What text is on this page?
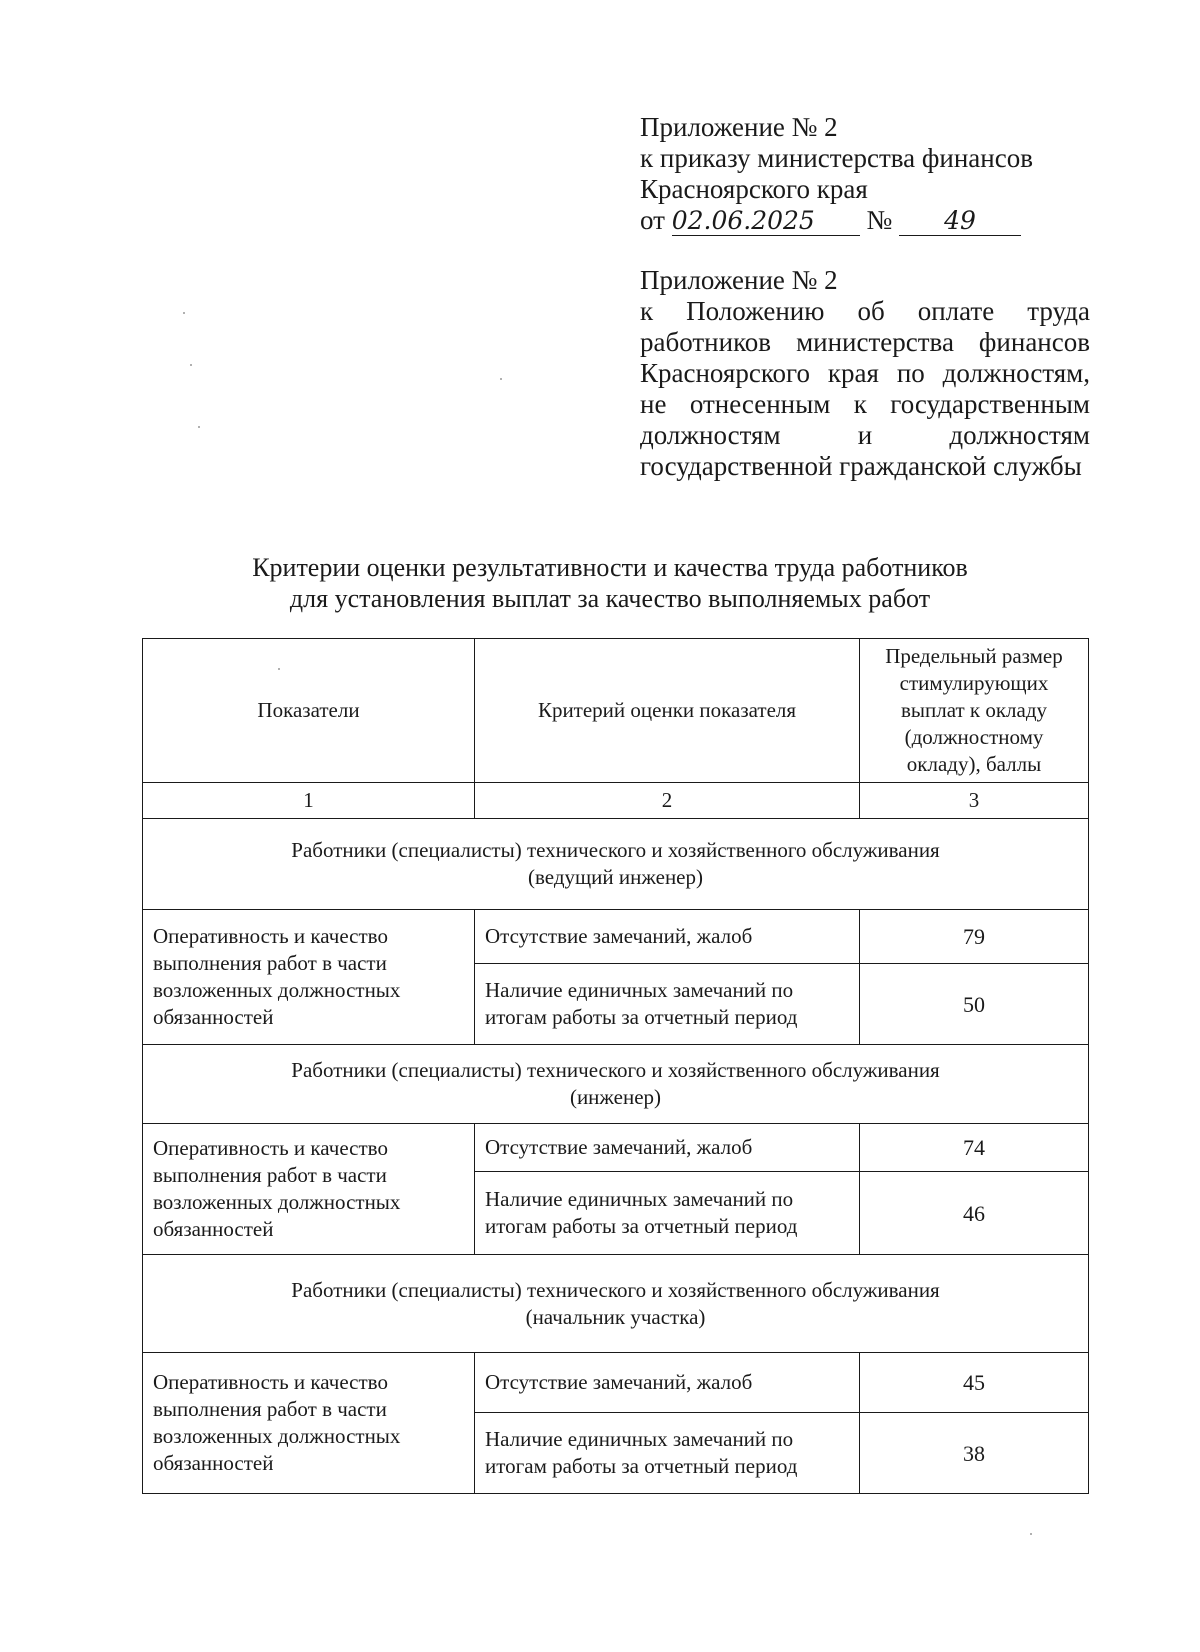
Приложение № 2
к приказу министерства финансов
Красноярского края
от 02.06.2025 № 49
Приложение № 2
к Положению об оплате труда
работников министерства финансов
Красноярского края по должностям,
не отнесенным к государственным
должностям и должностям
государственной гражданской службы
Критерии оценки результативности и качества труда работников
для установления выплат за качество выполняемых работ
Показатели	Критерий оценки показателя	Предельный размер стимулирующих выплат к окладу (должностному окладу), баллы
1	2	3

Работники (специалисты) технического и хозяйственного обслуживания
(ведущий инженер)		

Оперативность и качество выполнения работ в части возложенных должностных обязанностей	Отсутствие замечаний, жалоб	79
	Наличие единичных замечаний по итогам работы за отчетный период	50

Работники (специалисты) технического и хозяйственного обслуживания
(инженер)		

Оперативность и качество выполнения работ в части возложенных должностных обязанностей	Отсутствие замечаний, жалоб	74
	Наличие единичных замечаний по итогам работы за отчетный период	46

Работники (специалисты) технического и хозяйственного обслуживания
(начальник участка)		

Оперативность и качество выполнения работ в части возложенных должностных обязанностей	Отсутствие замечаний, жалоб	45
	Наличие единичных замечаний по итогам работы за отчетный период	38
